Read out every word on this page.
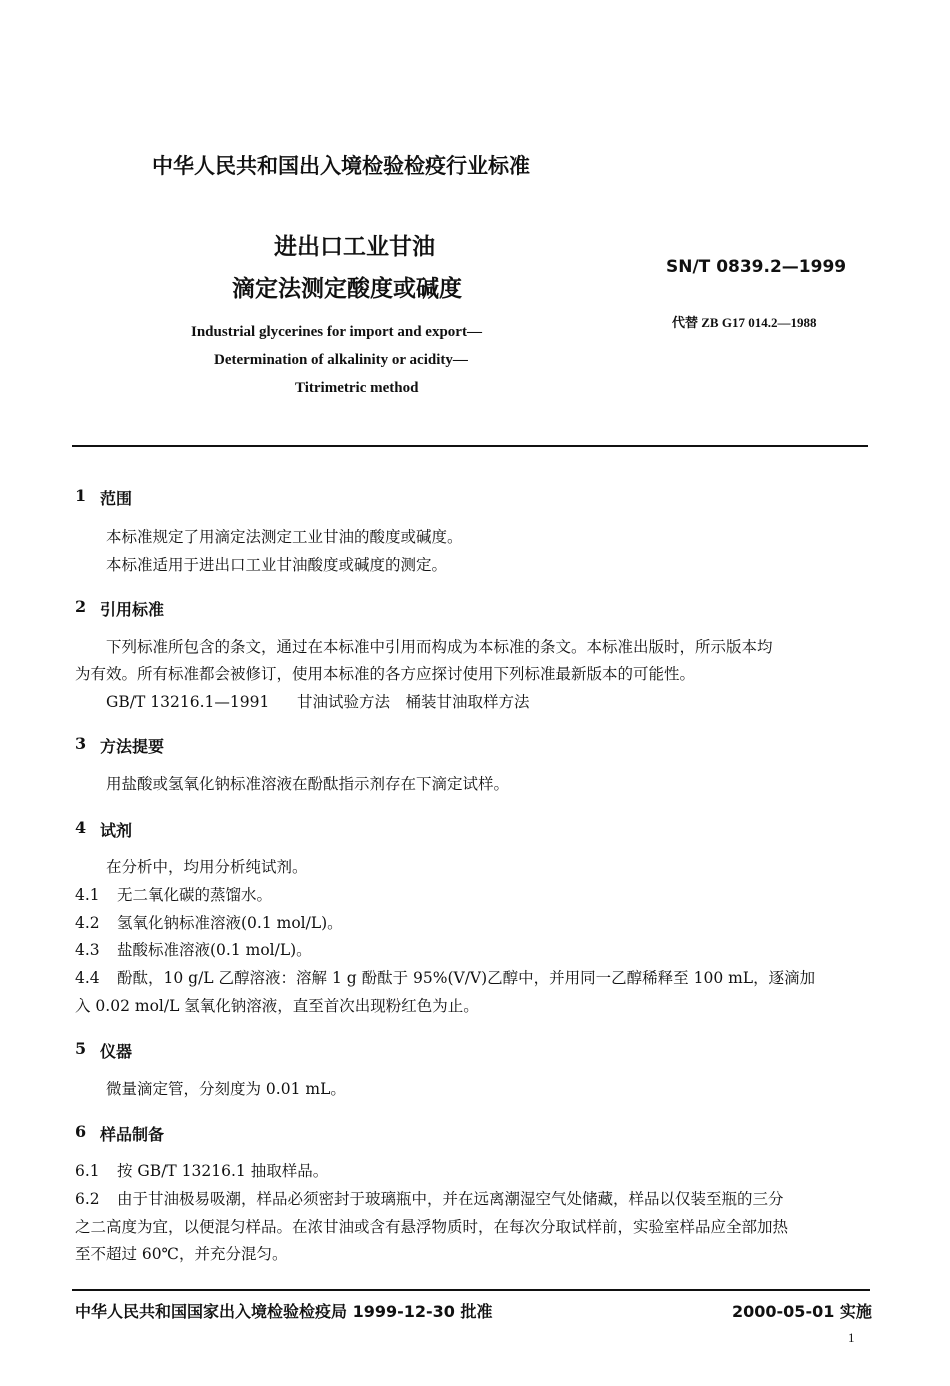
中华人民共和国出入境检验检疫行业标准
进出口工业甘油
滴定法测定酸度或碱度
SN/T 0839.2—1999
代替 ZB G17 014.2—1988
Industrial glycerines for import and export—
Determination of alkalinity or acidity—
Titrimetric method
1 范围
本标准规定了用滴定法测定工业甘油的酸度或碱度。
本标准适用于进出口工业甘油酸度或碱度的测定。
2 引用标准
下列标准所包含的条文，通过在本标准中引用而构成为本标准的条文。本标准出版时，所示版本均
为有效。所有标准都会被修订，使用本标准的各方应探讨使用下列标准最新版本的可能性。
GB/T 13216.1—1991 甘油试验方法　桶装甘油取样方法
3 方法提要
用盐酸或氢氧化钠标准溶液在酚酞指示剂存在下滴定试样。
4 试剂
在分析中，均用分析纯试剂。
4.1 无二氧化碳的蒸馏水。
4.2 氢氧化钠标准溶液(0.1 mol/L)。
4.3 盐酸标准溶液(0.1 mol/L)。
4.4 酚酞，10 g/L 乙醇溶液：溶解 1 g 酚酞于 95%(V/V)乙醇中，并用同一乙醇稀释至 100 mL，逐滴加
入 0.02 mol/L 氢氧化钠溶液，直至首次出现粉红色为止。
5 仪器
微量滴定管，分刻度为 0.01 mL。
6 样品制备
6.1 按 GB/T 13216.1 抽取样品。
6.2 由于甘油极易吸潮，样品必须密封于玻璃瓶中，并在远离潮湿空气处储藏，样品以仅装至瓶的三分
之二高度为宜，以便混匀样品。在浓甘油或含有悬浮物质时，在每次分取试样前，实验室样品应全部加热
至不超过 60℃，并充分混匀。
中华人民共和国国家出入境检验检疫局 1999-12-30 批准	2000-05-01 实施
1
